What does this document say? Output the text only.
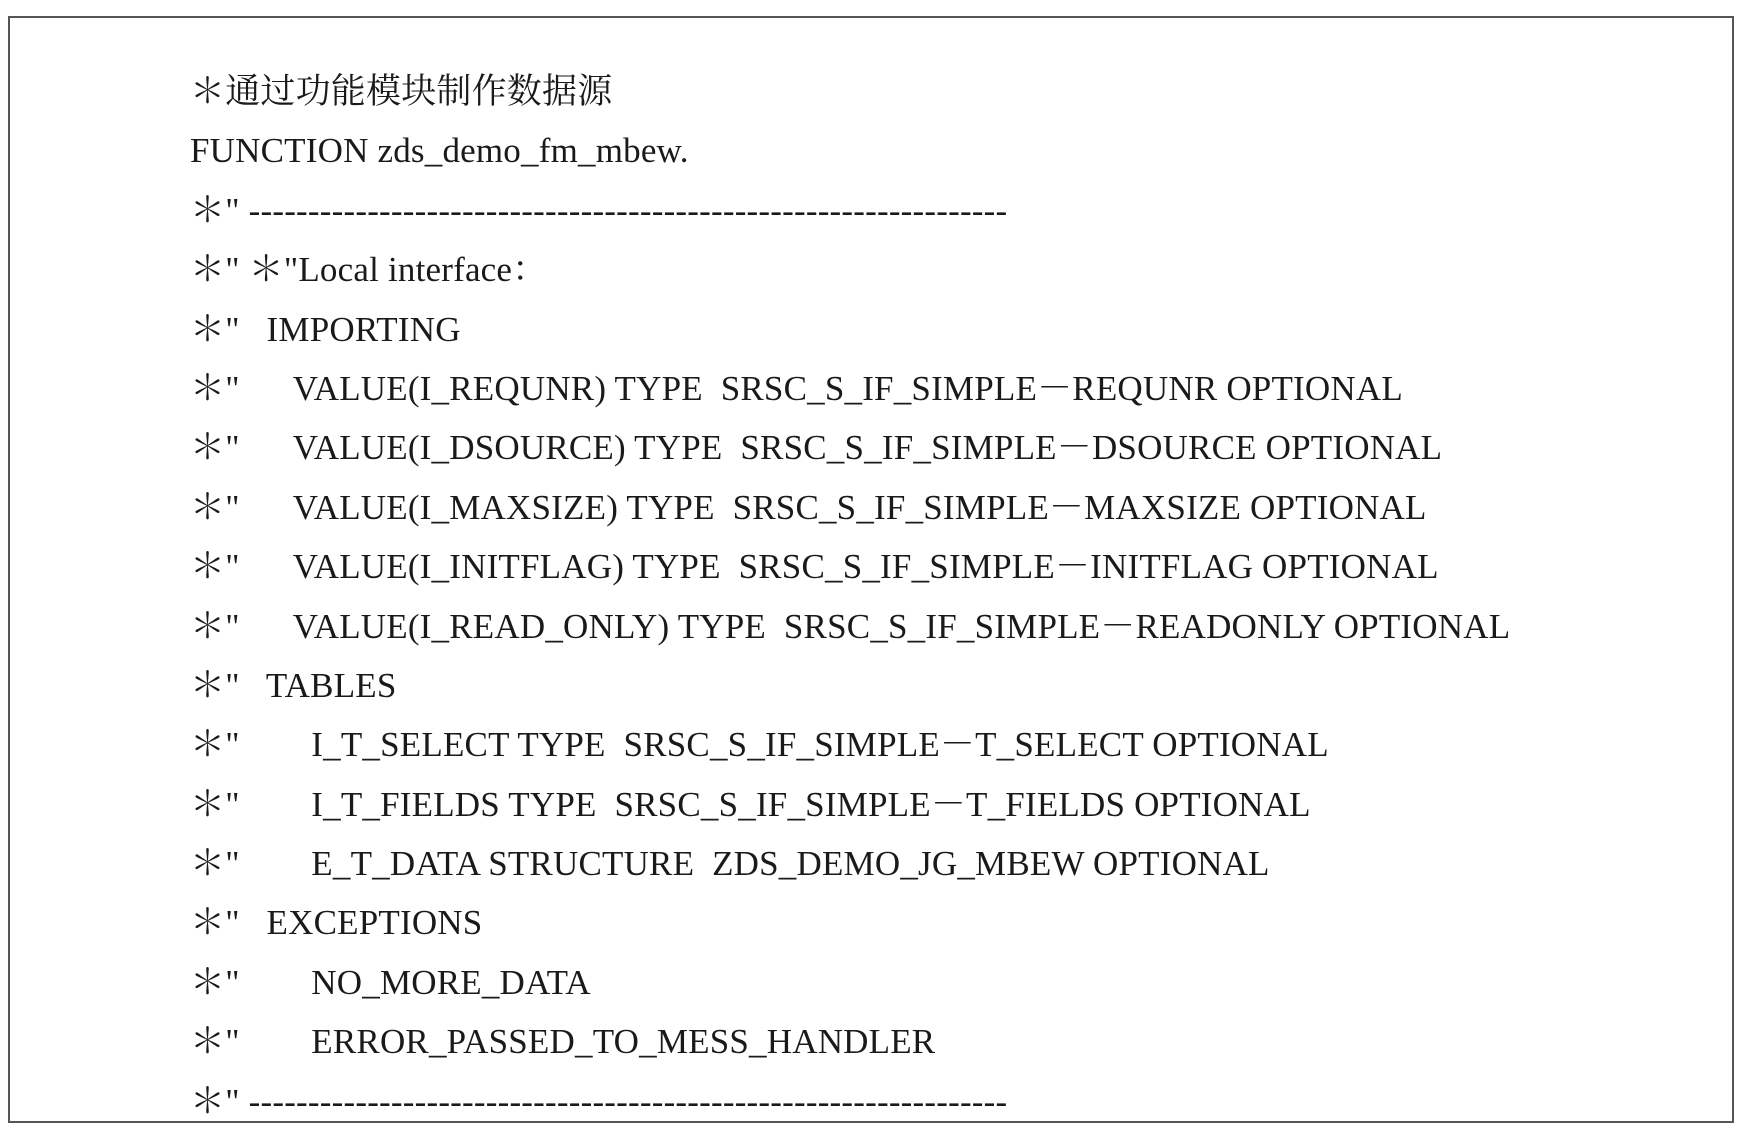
＊通过功能模块制作数据源
FUNCTION zds_demo_fm_mbew.
＊" ----------------------------------------------------------------
＊" ＊"Local interface：
＊"   IMPORTING
＊"      VALUE(I_REQUNR) TYPE  SRSC_S_IF_SIMPLE－REQUNR OPTIONAL
＊"      VALUE(I_DSOURCE) TYPE  SRSC_S_IF_SIMPLE－DSOURCE OPTIONAL
＊"      VALUE(I_MAXSIZE) TYPE  SRSC_S_IF_SIMPLE－MAXSIZE OPTIONAL
＊"      VALUE(I_INITFLAG) TYPE  SRSC_S_IF_SIMPLE－INITFLAG OPTIONAL
＊"      VALUE(I_READ_ONLY) TYPE  SRSC_S_IF_SIMPLE－READONLY OPTIONAL
＊"   TABLES
＊"        I_T_SELECT TYPE  SRSC_S_IF_SIMPLE－T_SELECT OPTIONAL
＊"        I_T_FIELDS TYPE  SRSC_S_IF_SIMPLE－T_FIELDS OPTIONAL
＊"        E_T_DATA STRUCTURE  ZDS_DEMO_JG_MBEW OPTIONAL
＊"   EXCEPTIONS
＊"        NO_MORE_DATA
＊"        ERROR_PASSED_TO_MESS_HANDLER
＊" ----------------------------------------------------------------
